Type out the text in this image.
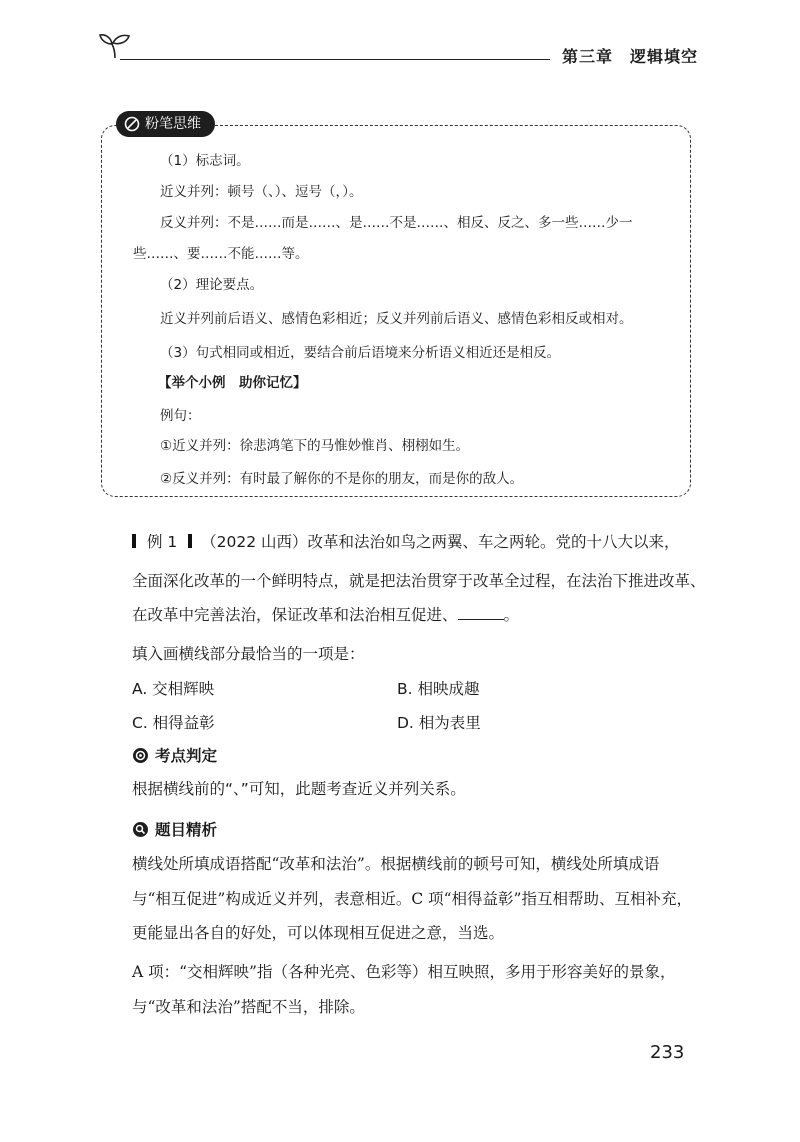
第三章　逻辑填空
粉笔思维
（1）标志词。
近义并列：顿号（、）、逗号（，）。
反义并列：不是……而是……、是……不是……、相反、反之、多一些……少一
些……、要……不能……等。
（2）理论要点。
近义并列前后语义、感情色彩相近；反义并列前后语义、感情色彩相反或相对。
（3）句式相同或相近，要结合前后语境来分析语义相近还是相反。
【举个小例　助你记忆】
例句：
①近义并列：徐悲鸿笔下的马惟妙惟肖、栩栩如生。
②反义并列：有时最了解你的不是你的朋友，而是你的敌人。
例 1 （2022 山西）改革和法治如鸟之两翼、车之两轮。党的十八大以来，
全面深化改革的一个鲜明特点，就是把法治贯穿于改革全过程，在法治下推进改革、
在改革中完善法治，保证改革和法治相互促进、	。
填入画横线部分最恰当的一项是：
A. 交相辉映	B. 相映成趣
C. 相得益彰	D. 相为表里
考点判定
根据横线前的“、”可知，此题考查近义并列关系。
题目精析
横线处所填成语搭配“改革和法治”。根据横线前的顿号可知，横线处所填成语
与“相互促进”构成近义并列，表意相近。C 项“相得益彰”指互相帮助、互相补充，
更能显出各自的好处，可以体现相互促进之意，当选。
A 项：“交相辉映”指（各种光亮、色彩等）相互映照，多用于形容美好的景象，
与“改革和法治”搭配不当，排除。
233
